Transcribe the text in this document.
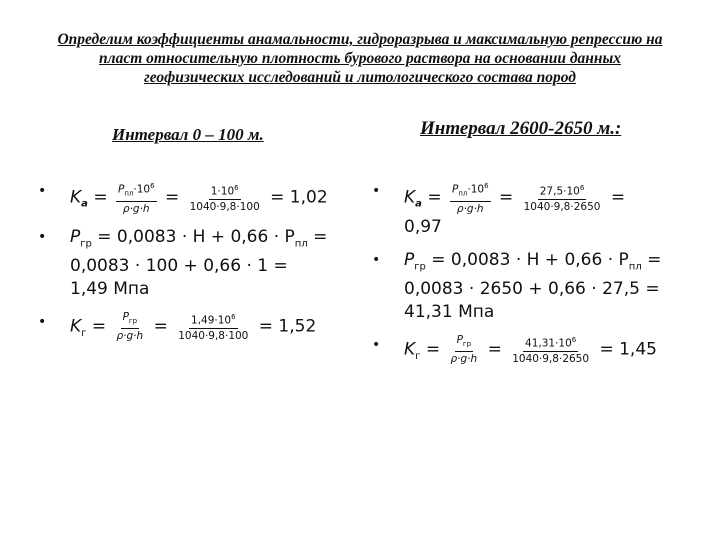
Определим коэффициенты анамальности, гидроразрыва и максимальную репрессию на пласт относительную плотность бурового раствора на основании данных геофизических исследований и литологического состава пород
Интервал 0 – 100 м.	Интервал 2600-2650 м.:
• $K_a = \frac{P_{пл}\cdot 10^6}{\rho\cdot g\cdot h} = \frac{1\cdot 10^6}{1040\cdot 9,8\cdot 100} = 1,02$
• $P_{гр} = 0,0083 \cdot H + 0,66 \cdot P_{пл}$ =
0,0083 · 100 + 0,66 · 1 =
1,49 Мпа
• $K_г = \frac{P_{гр}}{\rho\cdot g\cdot h} = \frac{1,49\cdot 10^6}{1040\cdot 9,8\cdot 100} = 1,52$
• $K_a = \frac{P_{пл}\cdot 10^6}{\rho\cdot g\cdot h} = \frac{27,5\cdot 10^6}{1040\cdot 9,8\cdot 2650}$ =
0,97
• $P_{гр} = 0,0083 \cdot H + 0,66 \cdot P_{пл}$ =
0,0083 · 2650 + 0,66 · 27,5 =
41,31 Мпа
• $K_г = \frac{P_{гр}}{\rho\cdot g\cdot h} = \frac{41,31\cdot 10^6}{1040\cdot 9,8\cdot 2650} = 1,45$
